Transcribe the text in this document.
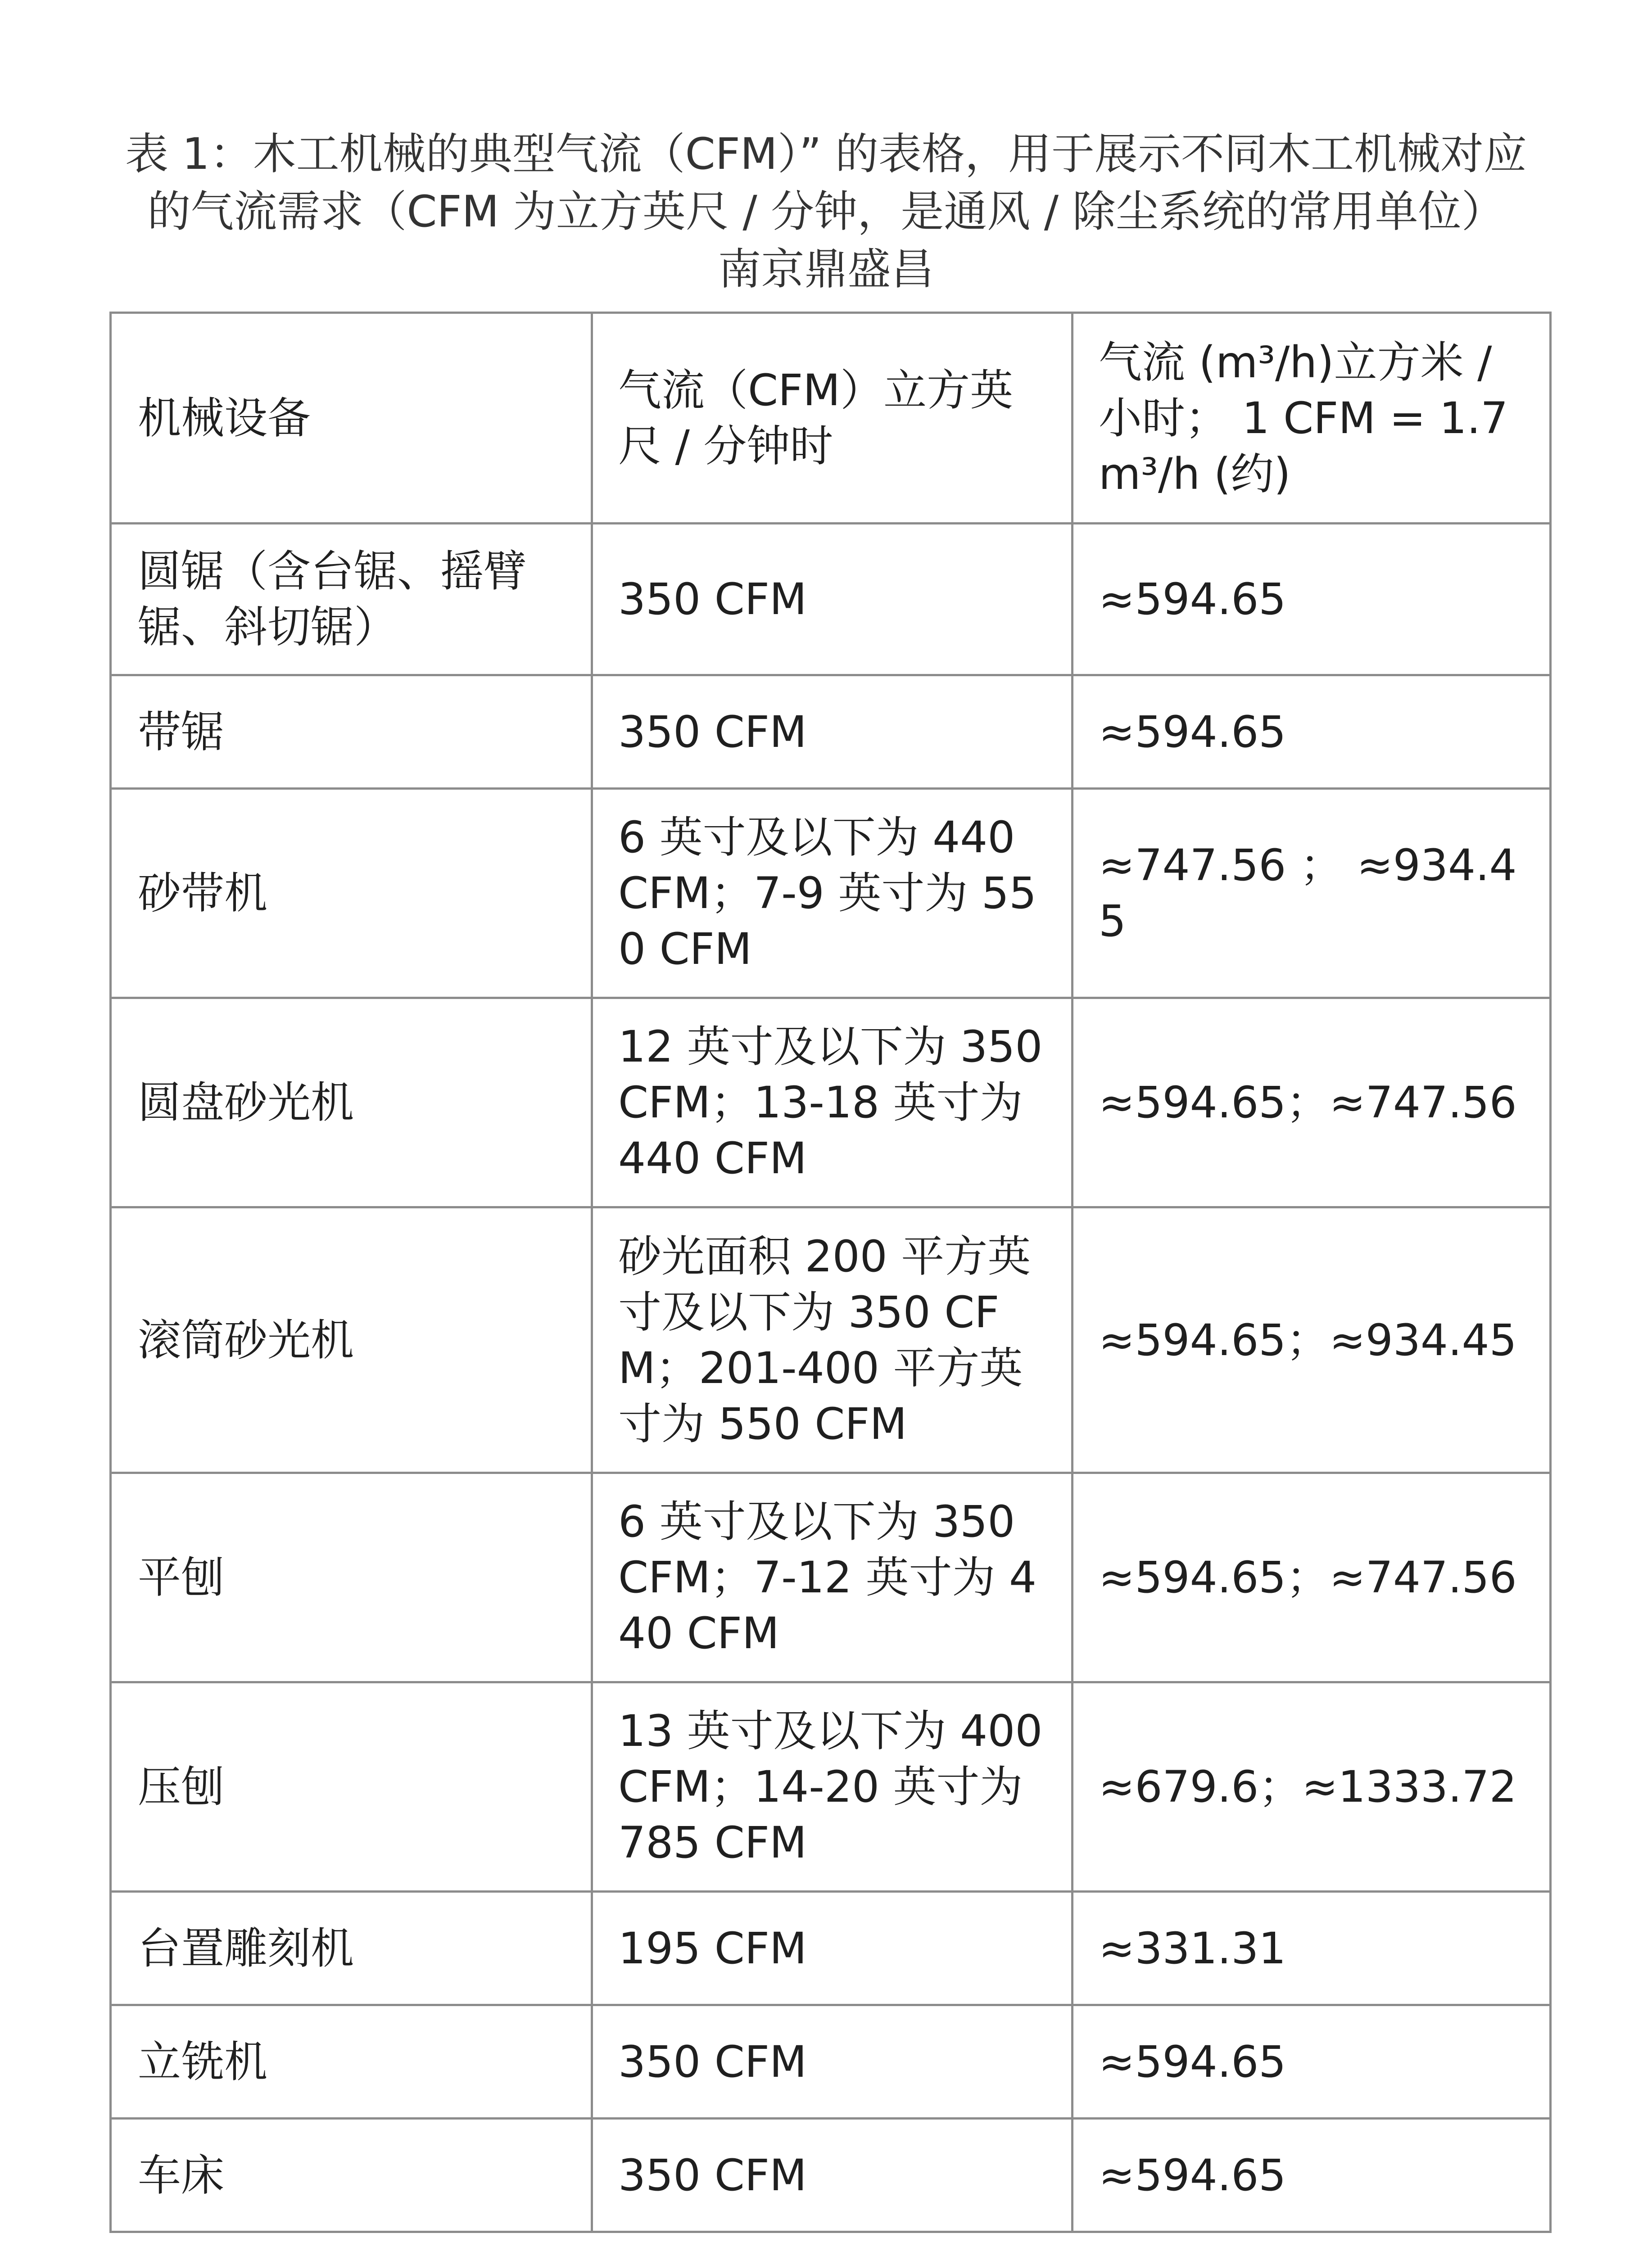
表 1：木工机械的典型气流（CFM）” 的表格，用于展示不同木工机械对应
的气流需求（CFM 为立方英尺 / 分钟，是通风 / 除尘系统的常用单位）
南京鼎盛昌
机械设备	气流（CFM）立方英尺 / 分钟时	气流 (m³/h)立方米 / 小时； 1 CFM = 1.7 m³/h (约)
圆锯（含台锯、摇臂锯、斜切锯）	350 CFM	≈594.65
带锯	350 CFM	≈594.65
砂带机	6 英寸及以下为 440 CFM；7-9 英寸为 550 CFM	≈747.56 ； ≈934.45
圆盘砂光机	12 英寸及以下为 350 CFM；13-18 英寸为 440 CFM	≈594.65；≈747.56
滚筒砂光机	砂光面积 200 平方英寸及以下为 350 CFM；201-400 平方英寸为 550 CFM	≈594.65；≈934.45
平刨	6 英寸及以下为 350 CFM；7-12 英寸为 440 CFM	≈594.65；≈747.56
压刨	13 英寸及以下为 400 CFM；14-20 英寸为 785 CFM	≈679.6；≈1333.72
台置雕刻机	195 CFM	≈331.31
立铣机	350 CFM	≈594.65
车床	350 CFM	≈594.65
